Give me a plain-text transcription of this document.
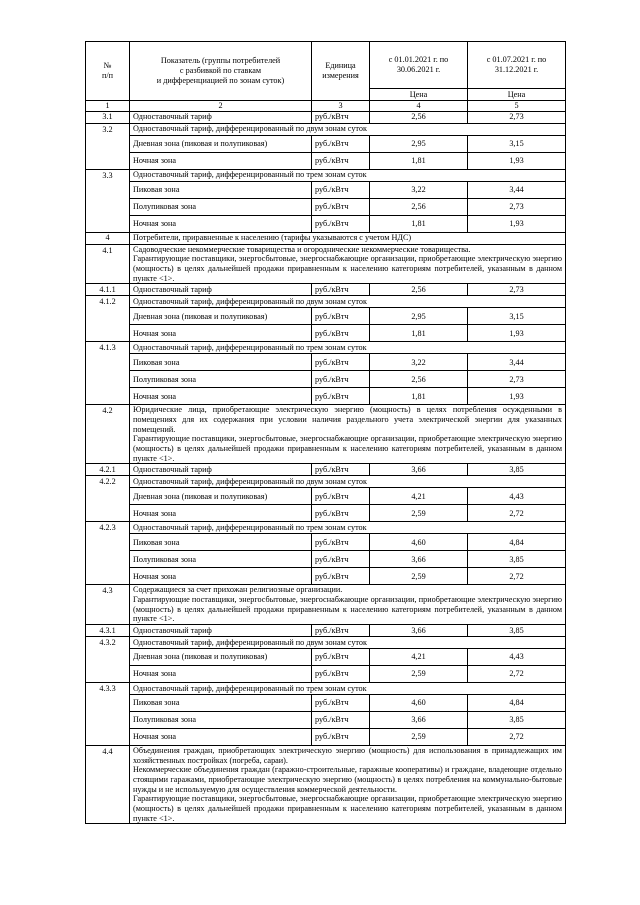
№
п/п	Показатель (группы потребителей
с разбивкой по ставкам
и дифференциацией по зонам суток)	Единица
измерения	с 01.01.2021 г. по
30.06.2021 г.	с 01.07.2021 г. по
31.12.2021 г.
			Цена	Цена
1	2	3	4	5
3.1	Одноставочный тариф	руб./кВтч	2,56	2,73
3.2	Одноставочный тариф, дифференцированный по двум зонам суток			
	Дневная зона (пиковая и полупиковая)	руб./кВтч	2,95	3,15
	Ночная зона	руб./кВтч	1,81	1,93
3.3	Одноставочный тариф, дифференцированный по трем зонам суток			
	Пиковая зона	руб./кВтч	3,22	3,44
	Полупиковая зона	руб./кВтч	2,56	2,73
	Ночная зона	руб./кВтч	1,81	1,93
4	Потребители, приравненные к населению (тарифы указываются с учетом НДС)			
4.1	Садоводческие некоммерческие товарищества и огороднические некоммерческие товарищества.
Гарантирующие поставщики, энергосбытовые, энергоснабжающие организации, приобретающие электрическую энергию (мощность) в целях дальнейшей продажи приравненным к населению категориям потребителей, указанным в данном пункте <1>.			

4.1.1	Одноставочный тариф	руб./кВтч	2,56	2,73
4.1.2	Одноставочный тариф, дифференцированный по двум зонам суток			
	Дневная зона (пиковая и полупиковая)	руб./кВтч	2,95	3,15
	Ночная зона	руб./кВтч	1,81	1,93
4.1.3	Одноставочный тариф, дифференцированный по трем зонам суток			
	Пиковая зона	руб./кВтч	3,22	3,44
	Полупиковая зона	руб./кВтч	2,56	2,73
	Ночная зона	руб./кВтч	1,81	1,93
4.2	Юридические лица, приобретающие электрическую энергию (мощность) в целях потребления осужденными в помещениях для их содержания при условии наличия раздельного учета электрической энергии для указанных помещений.
Гарантирующие поставщики, энергосбытовые, энергоснабжающие организации, приобретающие электрическую энергию (мощность) в целях дальнейшей продажи приравненным к населению категориям потребителей, указанным в данном пункте <1>.			

4.2.1	Одноставочный тариф	руб./кВтч	3,66	3,85
4.2.2	Одноставочный тариф, дифференцированный по двум зонам суток			
	Дневная зона (пиковая и полупиковая)	руб./кВтч	4,21	4,43
	Ночная зона	руб./кВтч	2,59	2,72
4.2.3	Одноставочный тариф, дифференцированный по трем зонам суток			
	Пиковая зона	руб./кВтч	4,60	4,84
	Полупиковая зона	руб./кВтч	3,66	3,85
	Ночная зона	руб./кВтч	2,59	2,72
4.3	Содержащиеся за счет прихожан религиозные организации.
Гарантирующие поставщики, энергосбытовые, энергоснабжающие организации, приобретающие электрическую энергию (мощность) в целях дальнейшей продажи приравненным к населению категориям потребителей, указанным в данном пункте <1>.			

4.3.1	Одноставочный тариф	руб./кВтч	3,66	3,85
4.3.2	Одноставочный тариф, дифференцированный по двум зонам суток			
	Дневная зона (пиковая и полупиковая)	руб./кВтч	4,21	4,43
	Ночная зона	руб./кВтч	2,59	2,72
4.3.3	Одноставочный тариф, дифференцированный по трем зонам суток			
	Пиковая зона	руб./кВтч	4,60	4,84
	Полупиковая зона	руб./кВтч	3,66	3,85
	Ночная зона	руб./кВтч	2,59	2,72
4.4	Объединения граждан, приобретающих электрическую энергию (мощность) для использования в принадлежащих им хозяйственных постройках (погреба, сараи).
Некоммерческие объединения граждан (гаражно-строительные, гаражные кооперативы) и граждане, владеющие отдельно стоящими гаражами, приобретающие электрическую энергию (мощность) в целях потребления на коммунально-бытовые нужды и не используемую для осуществления коммерческой деятельности.
Гарантирующие поставщики, энергосбытовые, энергоснабжающие организации, приобретающие электрическую энергию (мощность) в целях дальнейшей продажи приравненным к населению категориям потребителей, указанным в данном пункте <1>.			
